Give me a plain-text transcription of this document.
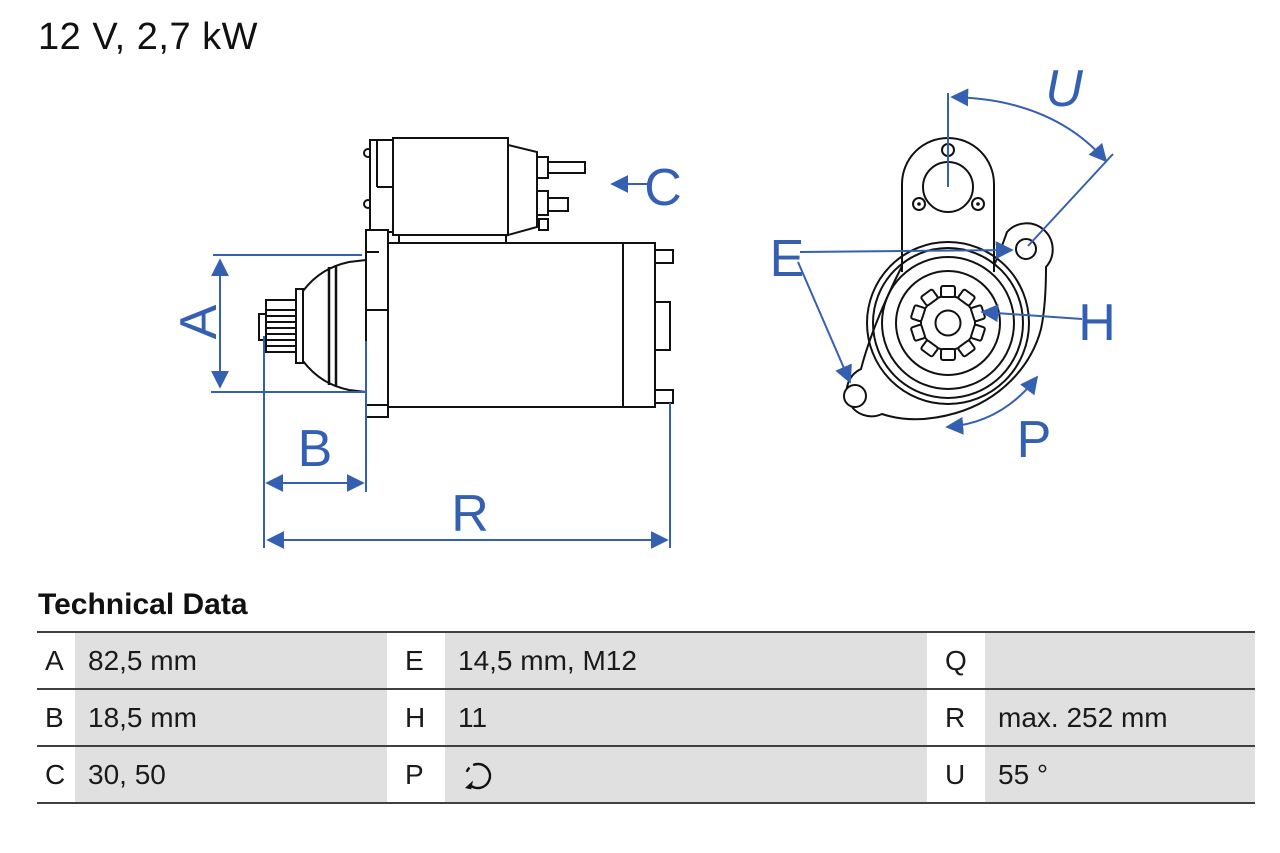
12 V, 2,7 kW
A
B
R
C
E
H
P
U
Technical Data
A	82,5 mm	E	14,5 mm, M12	Q	
B	18,5 mm	H	11	R	max. 252 mm
C	30, 50	P		U	55 °
